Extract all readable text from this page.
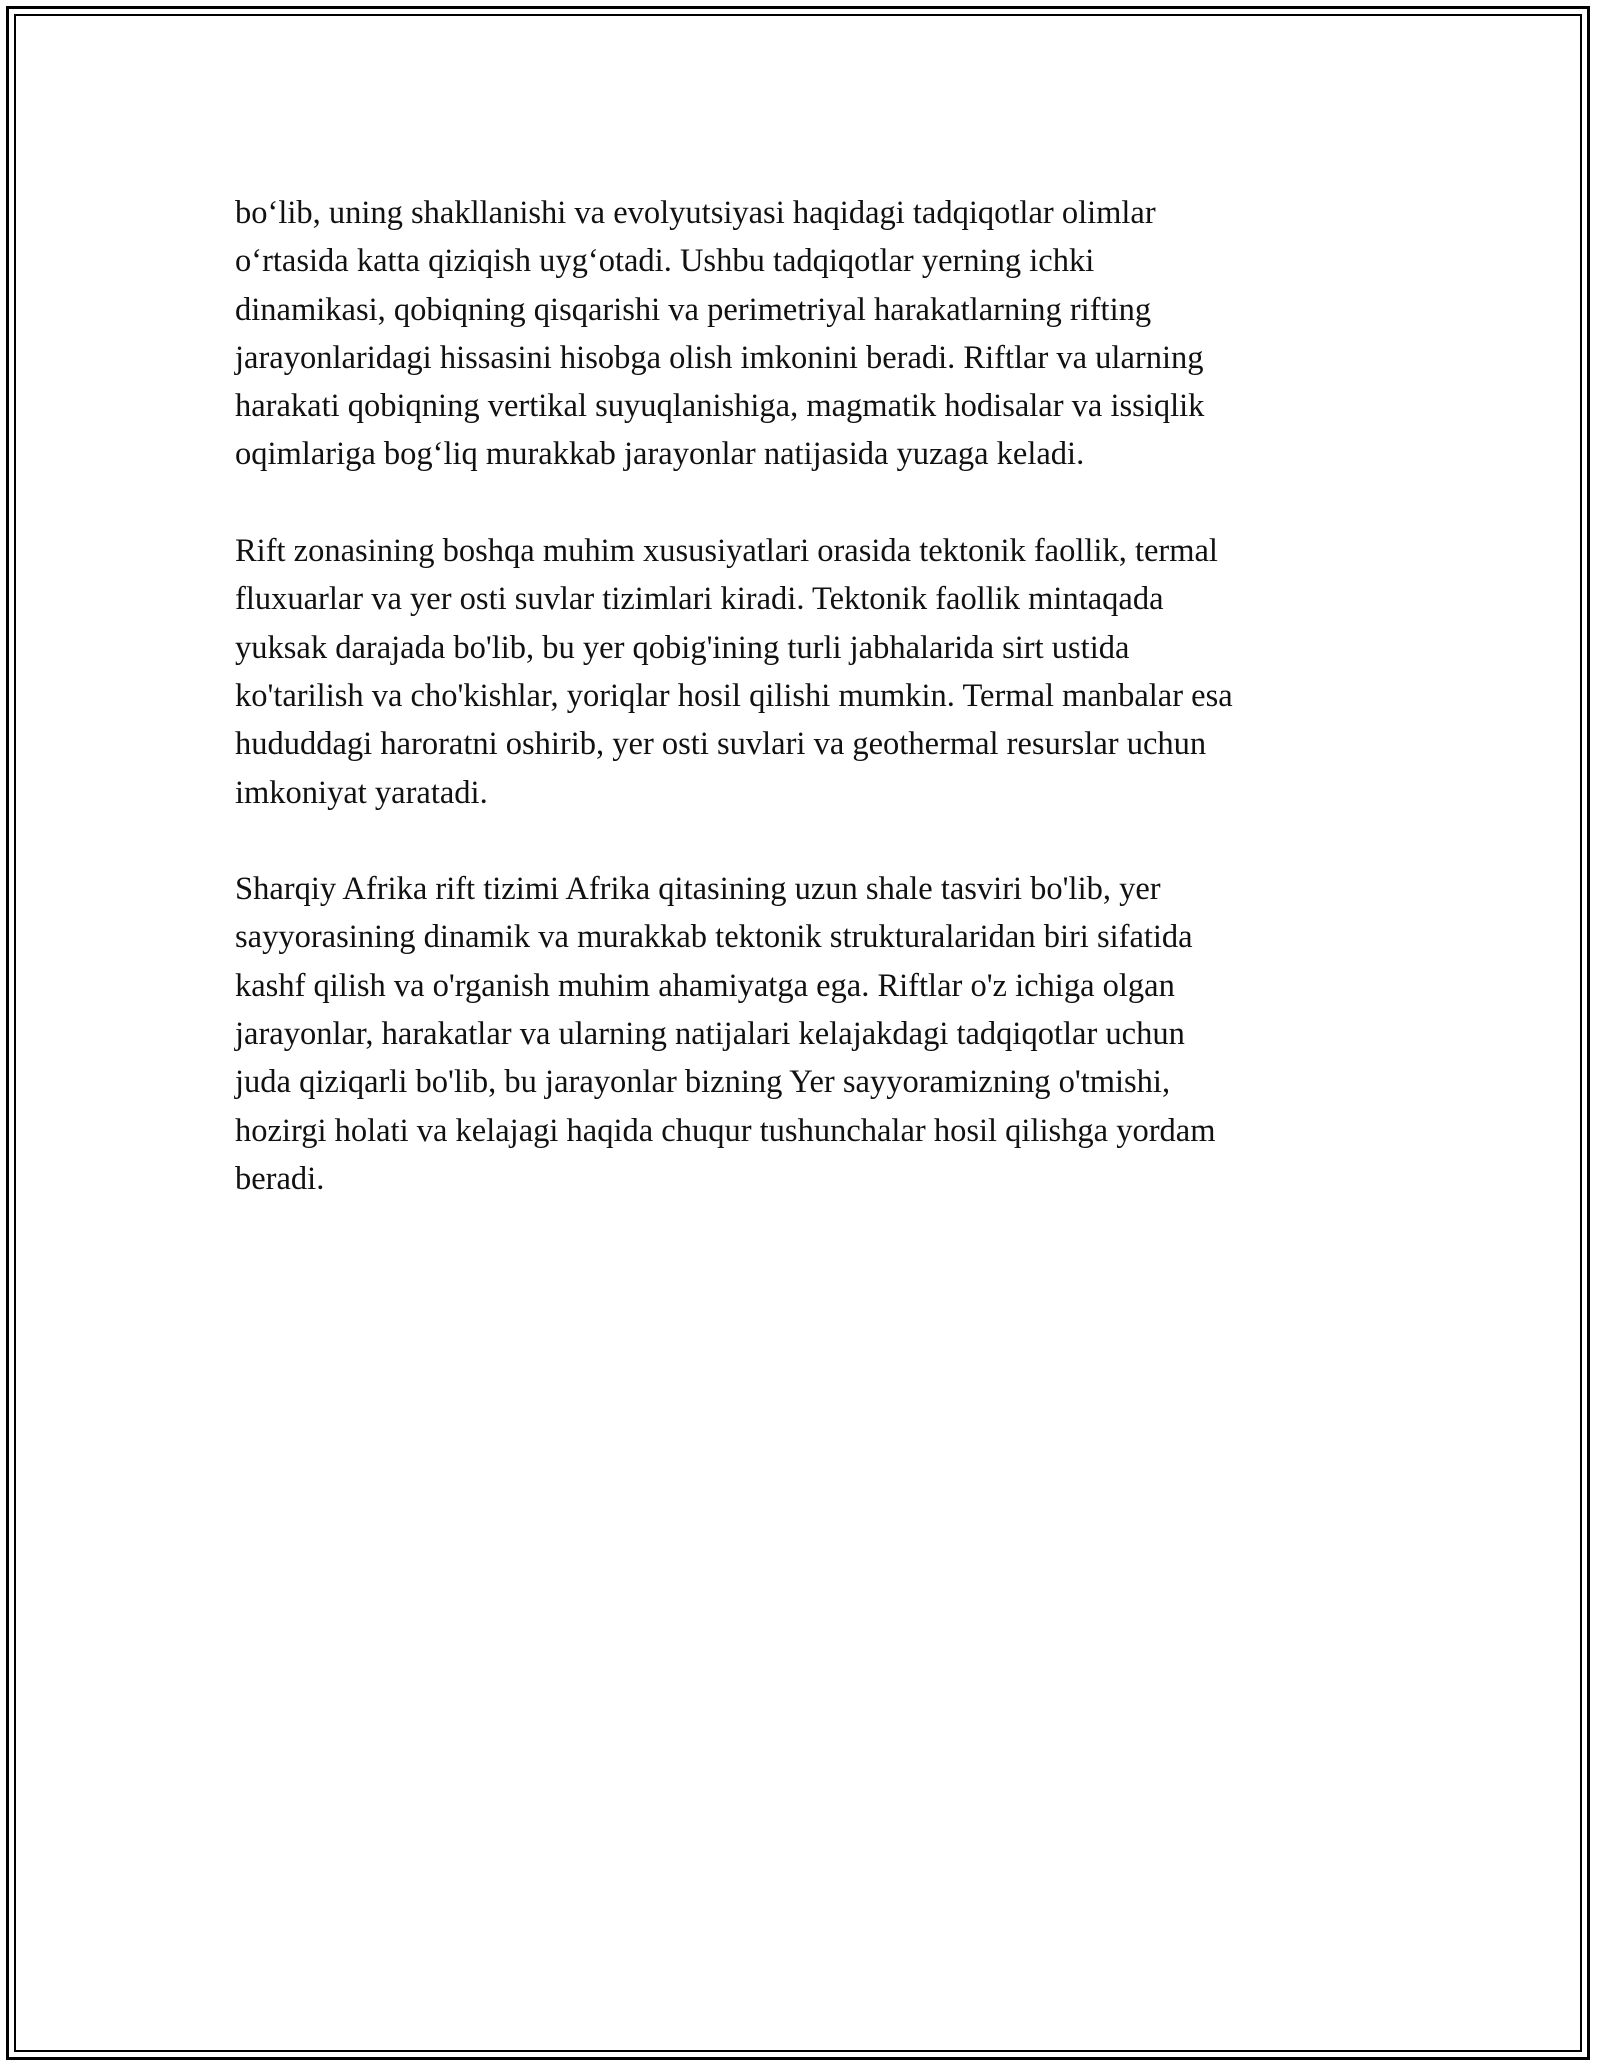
bo‘lib, uning shakllanishi va evolyutsiyasi haqidagi tadqiqotlar olimlar
o‘rtasida katta qiziqish uyg‘otadi. Ushbu tadqiqotlar yerning ichki
dinamikasi, qobiqning qisqarishi va perimetriyal harakatlarning rifting
jarayonlaridagi hissasini hisobga olish imkonini beradi. Riftlar va ularning
harakati qobiqning vertikal suyuqlanishiga, magmatik hodisalar va issiqlik
oqimlariga bog‘liq murakkab jarayonlar natijasida yuzaga keladi.

Rift zonasining boshqa muhim xususiyatlari orasida tektonik faollik, termal
fluxuarlar va yer osti suvlar tizimlari kiradi. Tektonik faollik mintaqada
yuksak darajada bo'lib, bu yer qobig'ining turli jabhalarida sirt ustida
ko'tarilish va cho'kishlar, yoriqlar hosil qilishi mumkin. Termal manbalar esa
hududdagi haroratni oshirib, yer osti suvlari va geothermal resurslar uchun
imkoniyat yaratadi.

Sharqiy Afrika rift tizimi Afrika qitasining uzun shale tasviri bo'lib, yer
sayyorasining dinamik va murakkab tektonik strukturalaridan biri sifatida
kashf qilish va o'rganish muhim ahamiyatga ega. Riftlar o'z ichiga olgan
jarayonlar, harakatlar va ularning natijalari kelajakdagi tadqiqotlar uchun
juda qiziqarli bo'lib, bu jarayonlar bizning Yer sayyoramizning o'tmishi,
hozirgi holati va kelajagi haqida chuqur tushunchalar hosil qilishga yordam
beradi.
